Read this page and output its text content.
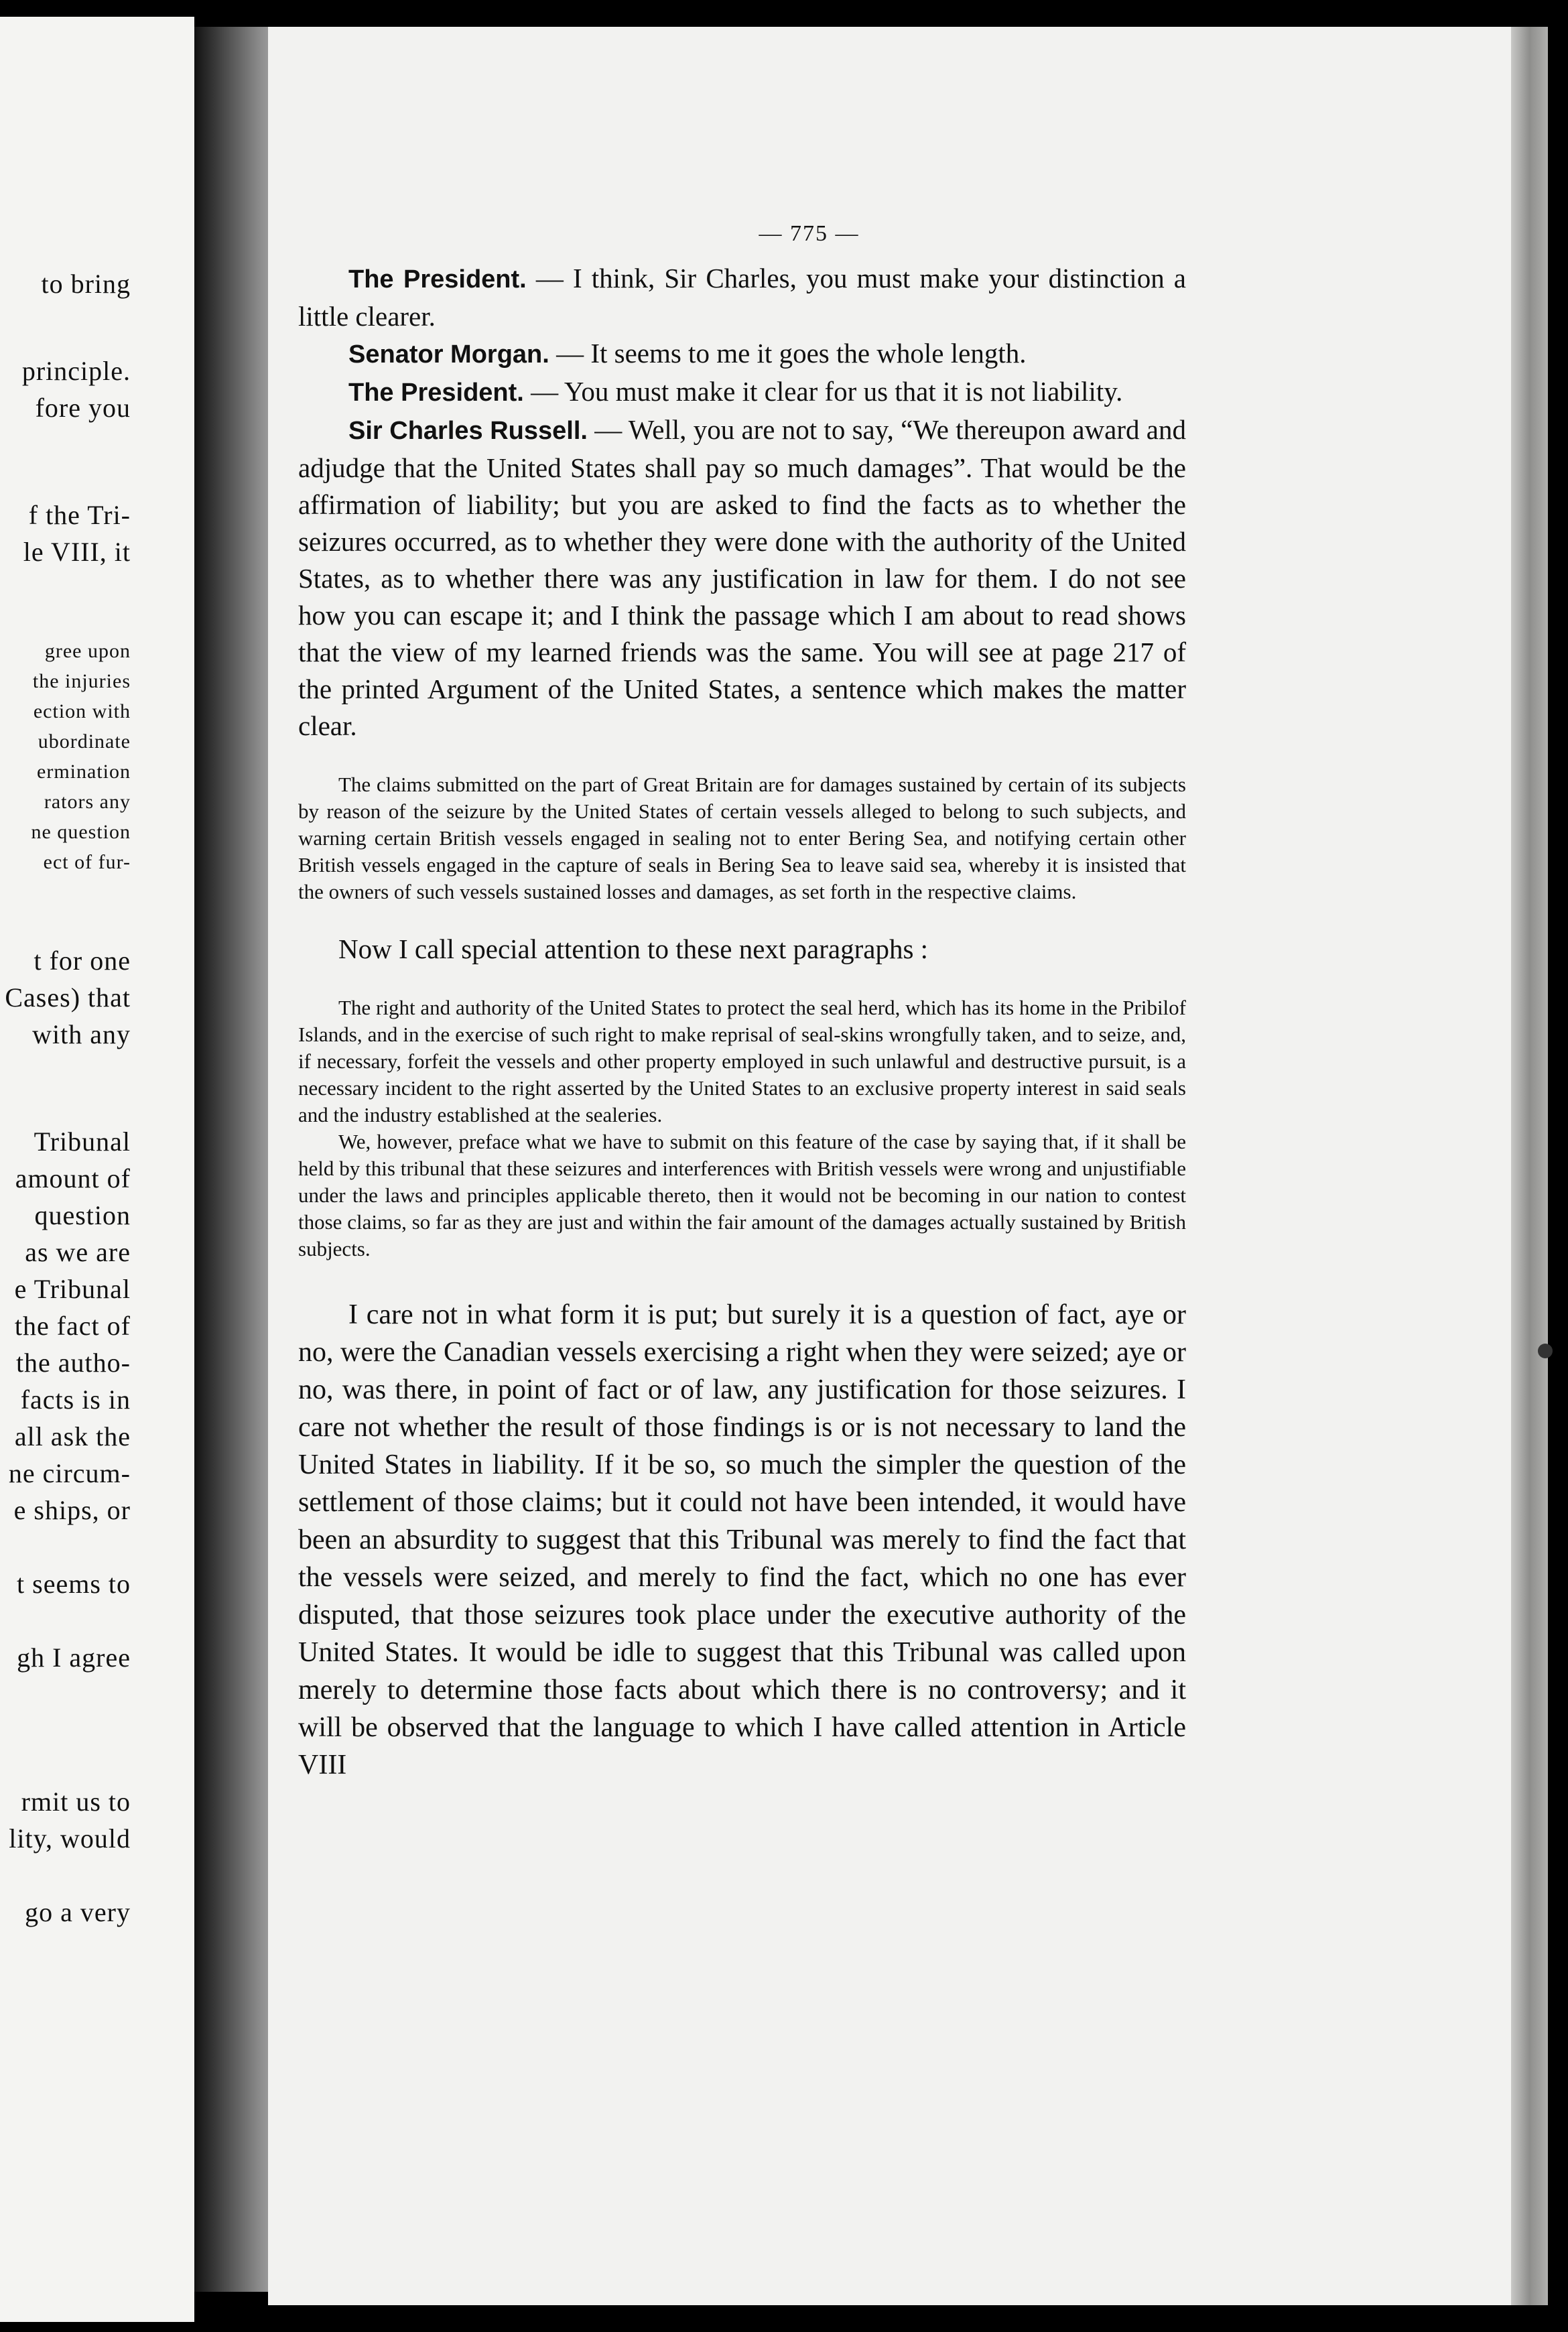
to bring
principle.
fore you
f the Tri-
le VIII, it
gree upon
the injuries
ection with
ubordinate
ermination
rators any
ne question
ect of fur-
t for one
Cases) that
with any
Tribunal
amount of
question
as we are
e Tribunal
the fact of
the autho-
facts is in
all ask the
ne circum-
e ships, or
t seems to
gh I agree
rmit us to
lity, would
go a very
— 775 —

The President. — I think, Sir Charles, you must make your distinction a little clearer.

Senator Morgan. — It seems to me it goes the whole length.

The President. — You must make it clear for us that it is not liability.

Sir Charles Russell. — Well, you are not to say, “We thereupon award and adjudge that the United States shall pay so much damages”. That would be the affirmation of liability; but you are asked to find the facts as to whether the seizures occurred, as to whether they were done with the authority of the United States, as to whether there was any justification in law for them. I do not see how you can escape it; and I think the passage which I am about to read shows that the view of my learned friends was the same. You will see at page 217 of the printed Argument of the United States, a sentence which makes the matter clear.

The claims submitted on the part of Great Britain are for damages sustained by certain of its subjects by reason of the seizure by the United States of certain vessels alleged to belong to such subjects, and warning certain British vessels engaged in sealing not to enter Bering Sea, and notifying certain other British vessels engaged in the capture of seals in Bering Sea to leave said sea, whereby it is insisted that the owners of such vessels sustained losses and damages, as set forth in the respective claims.

Now I call special attention to these next paragraphs :

The right and authority of the United States to protect the seal herd, which has its home in the Pribilof Islands, and in the exercise of such right to make reprisal of seal-skins wrongfully taken, and to seize, and, if necessary, forfeit the vessels and other property employed in such unlawful and destructive pursuit, is a necessary incident to the right asserted by the United States to an exclusive property interest in said seals and the industry established at the sealeries.

We, however, preface what we have to submit on this feature of the case by saying that, if it shall be held by this tribunal that these seizures and interferences with British vessels were wrong and unjustifiable under the laws and principles applicable thereto, then it would not be becoming in our nation to contest those claims, so far as they are just and within the fair amount of the damages actually sustained by British subjects.

I care not in what form it is put; but surely it is a question of fact, aye or no, were the Canadian vessels exercising a right when they were seized; aye or no, was there, in point of fact or of law, any justification for those seizures. I care not whether the result of those findings is or is not necessary to land the United States in liability. If it be so, so much the simpler the question of the settlement of those claims; but it could not have been intended, it would have been an absurdity to suggest that this Tribunal was merely to find the fact that the vessels were seized, and merely to find the fact, which no one has ever disputed, that those seizures took place under the executive authority of the United States. It would be idle to suggest that this Tribunal was called upon merely to determine those facts about which there is no controversy; and it will be observed that the language to which I have called attention in Article VIII
